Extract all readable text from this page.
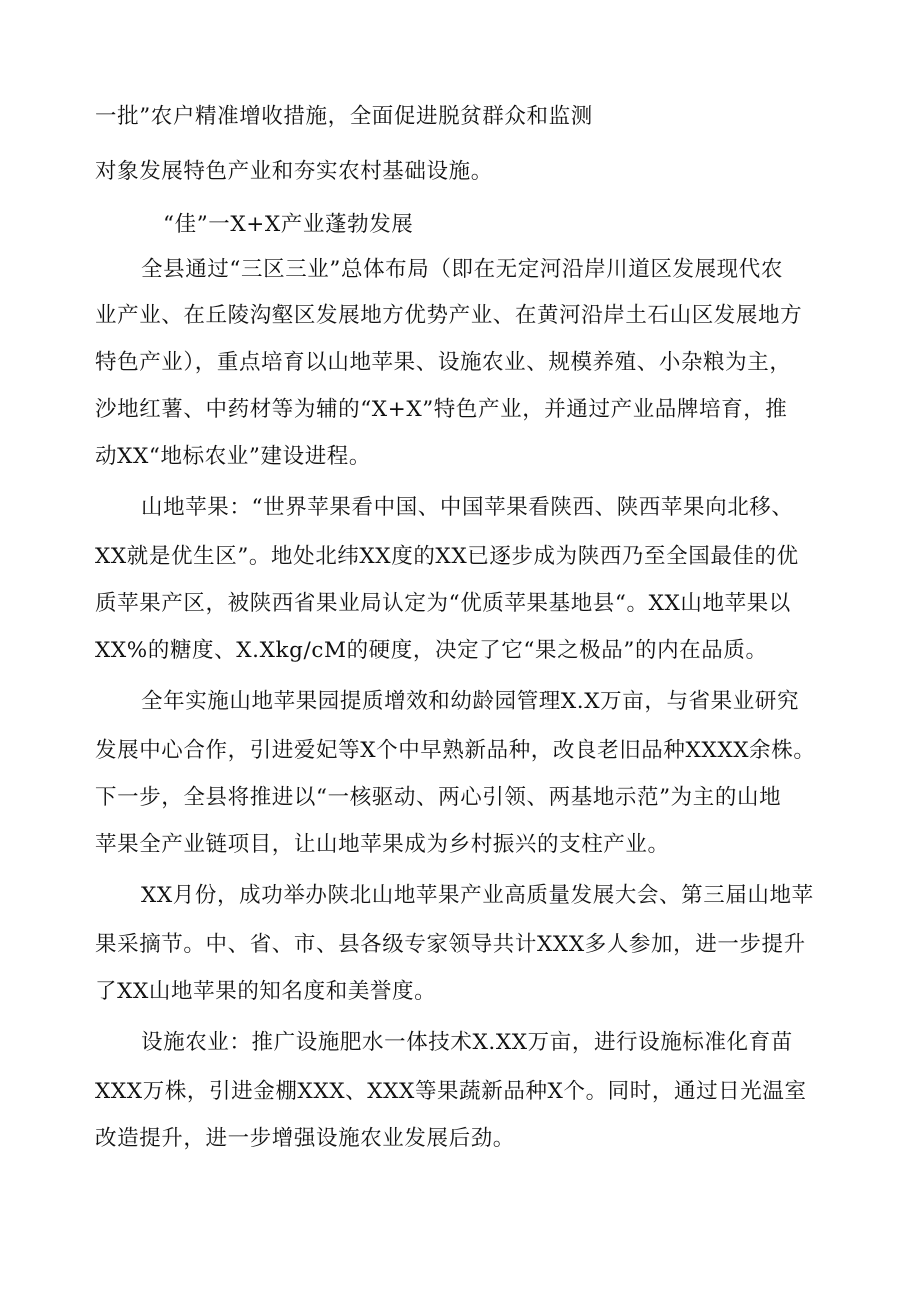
一批”农户精准增收措施，全面促进脱贫群众和监测
对象发展特色产业和夯实农村基础设施。
“佳”一X+X产业蓬勃发展
全县通过“三区三业”总体布局（即在无定河沿岸川道区发展现代农
业产业、在丘陵沟壑区发展地方优势产业、在黄河沿岸土石山区发展地方
特色产业），重点培育以山地苹果、设施农业、规模养殖、小杂粮为主，
沙地红薯、中药材等为辅的“X+X”特色产业，并通过产业品牌培育，推
动XX“地标农业”建设进程。
山地苹果：“世界苹果看中国、中国苹果看陕西、陕西苹果向北移、
XX就是优生区”。地处北纬XX度的XX已逐步成为陕西乃至全国最佳的优
质苹果产区，被陕西省果业局认定为“优质苹果基地县“。XX山地苹果以
XX%的糖度、X.Xkg/cM的硬度，决定了它“果之极品”的内在品质。
全年实施山地苹果园提质增效和幼龄园管理X.X万亩，与省果业研究
发展中心合作，引进爱妃等X个中早熟新品种，改良老旧品种XXXX余株。
下一步，全县将推进以“一核驱动、两心引领、两基地示范”为主的山地
苹果全产业链项目，让山地苹果成为乡村振兴的支柱产业。
XX月份，成功举办陕北山地苹果产业高质量发展大会、第三届山地苹
果采摘节。中、省、市、县各级专家领导共计XXX多人参加，进一步提升
了XX山地苹果的知名度和美誉度。
设施农业：推广设施肥水一体技术X.XX万亩，进行设施标准化育苗
XXX万株，引进金棚XXX、XXX等果蔬新品种X个。同时，通过日光温室
改造提升，进一步增强设施农业发展后劲。
